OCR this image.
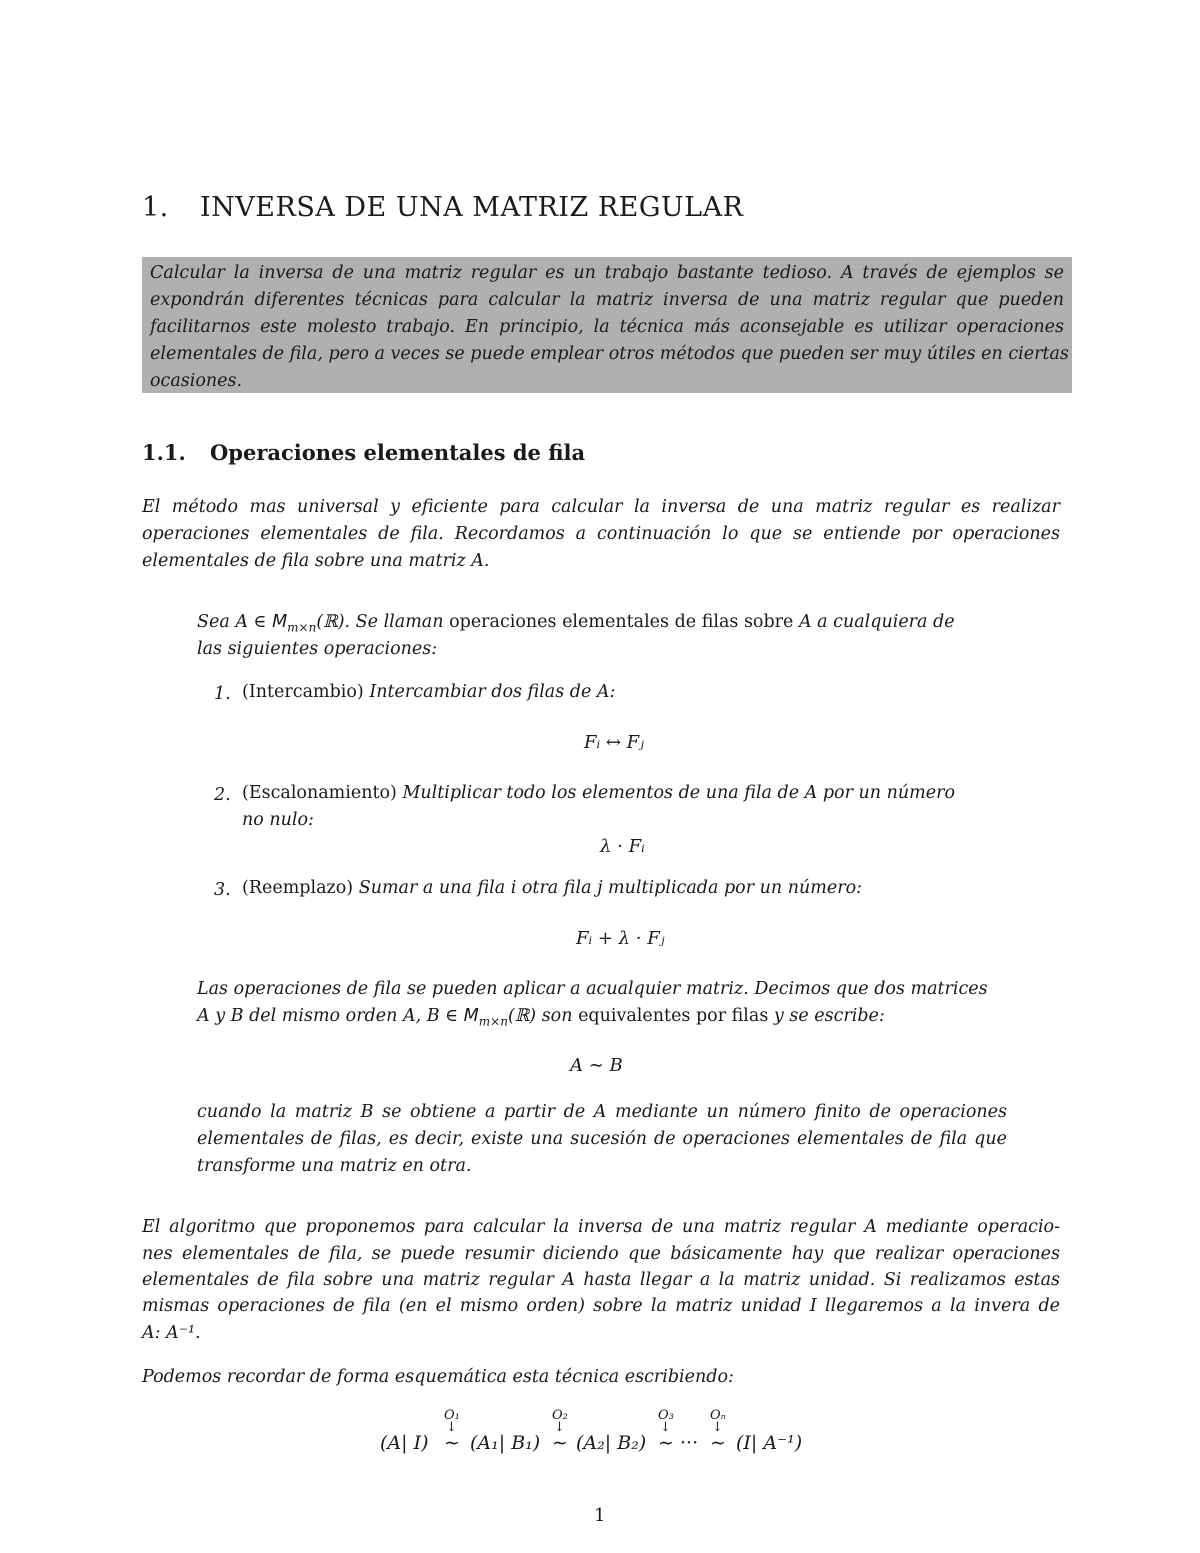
1. INVERSA DE UNA MATRIZ REGULAR
Calcular la inversa de una matriz regular es un trabajo bastante tedioso. A través de ejemplos se
expondrán diferentes técnicas para calcular la matriz inversa de una matriz regular que pueden
facilitarnos este molesto trabajo. En principio, la técnica más aconsejable es utilizar operaciones
elementales de fila, pero a veces se puede emplear otros métodos que pueden ser muy útiles en ciertas
ocasiones.
1.1. Operaciones elementales de fila
El método mas universal y eficiente para calcular la inversa de una matriz regular es realizar
operaciones elementales de fila. Recordamos a continuación lo que se entiende por operaciones
elementales de fila sobre una matriz A.
Sea A ∈ $M_{m\times n}(ℝ)$. Se llaman operaciones elementales de filas sobre A a cualquiera de
las siguientes operaciones:
1. (Intercambio) Intercambiar dos filas de A:
Fᵢ ↔ Fⱼ
2. (Escalonamiento) Multiplicar todo los elementos de una fila de A por un número
no nulo:
λ · Fᵢ
3. (Reemplazo) Sumar a una fila i otra fila j multiplicada por un número:
Fᵢ + λ · Fⱼ
Las operaciones de fila se pueden aplicar a acualquier matriz. Decimos que dos matrices
A y B del mismo orden A, B ∈ $M_{m\times n}(ℝ)$ son equivalentes por filas y se escribe:
A ∼ B
cuando la matriz B se obtiene a partir de A mediante un número finito de operaciones
elementales de filas, es decir, existe una sucesión de operaciones elementales de fila que
transforme una matriz en otra.
El algoritmo que proponemos para calcular la inversa de una matriz regular A mediante operacio-
nes elementales de fila, se puede resumir diciendo que básicamente hay que realizar operaciones
elementales de fila sobre una matriz regular A hasta llegar a la matriz unidad. Si realizamos estas
mismas operaciones de fila (en el mismo orden) sobre la matriz unidad I llegaremos a la invera de
A: A⁻¹.
Podemos recordar de forma esquemática esta técnica escribiendo:
O₁	O₂	O₃	Oₙ
↓	↓	↓	↓
(A| I) ∼ (A₁| B₁) ∼ (A₂| B₂) ∼ ··· ∼ (I| A⁻¹)
1
